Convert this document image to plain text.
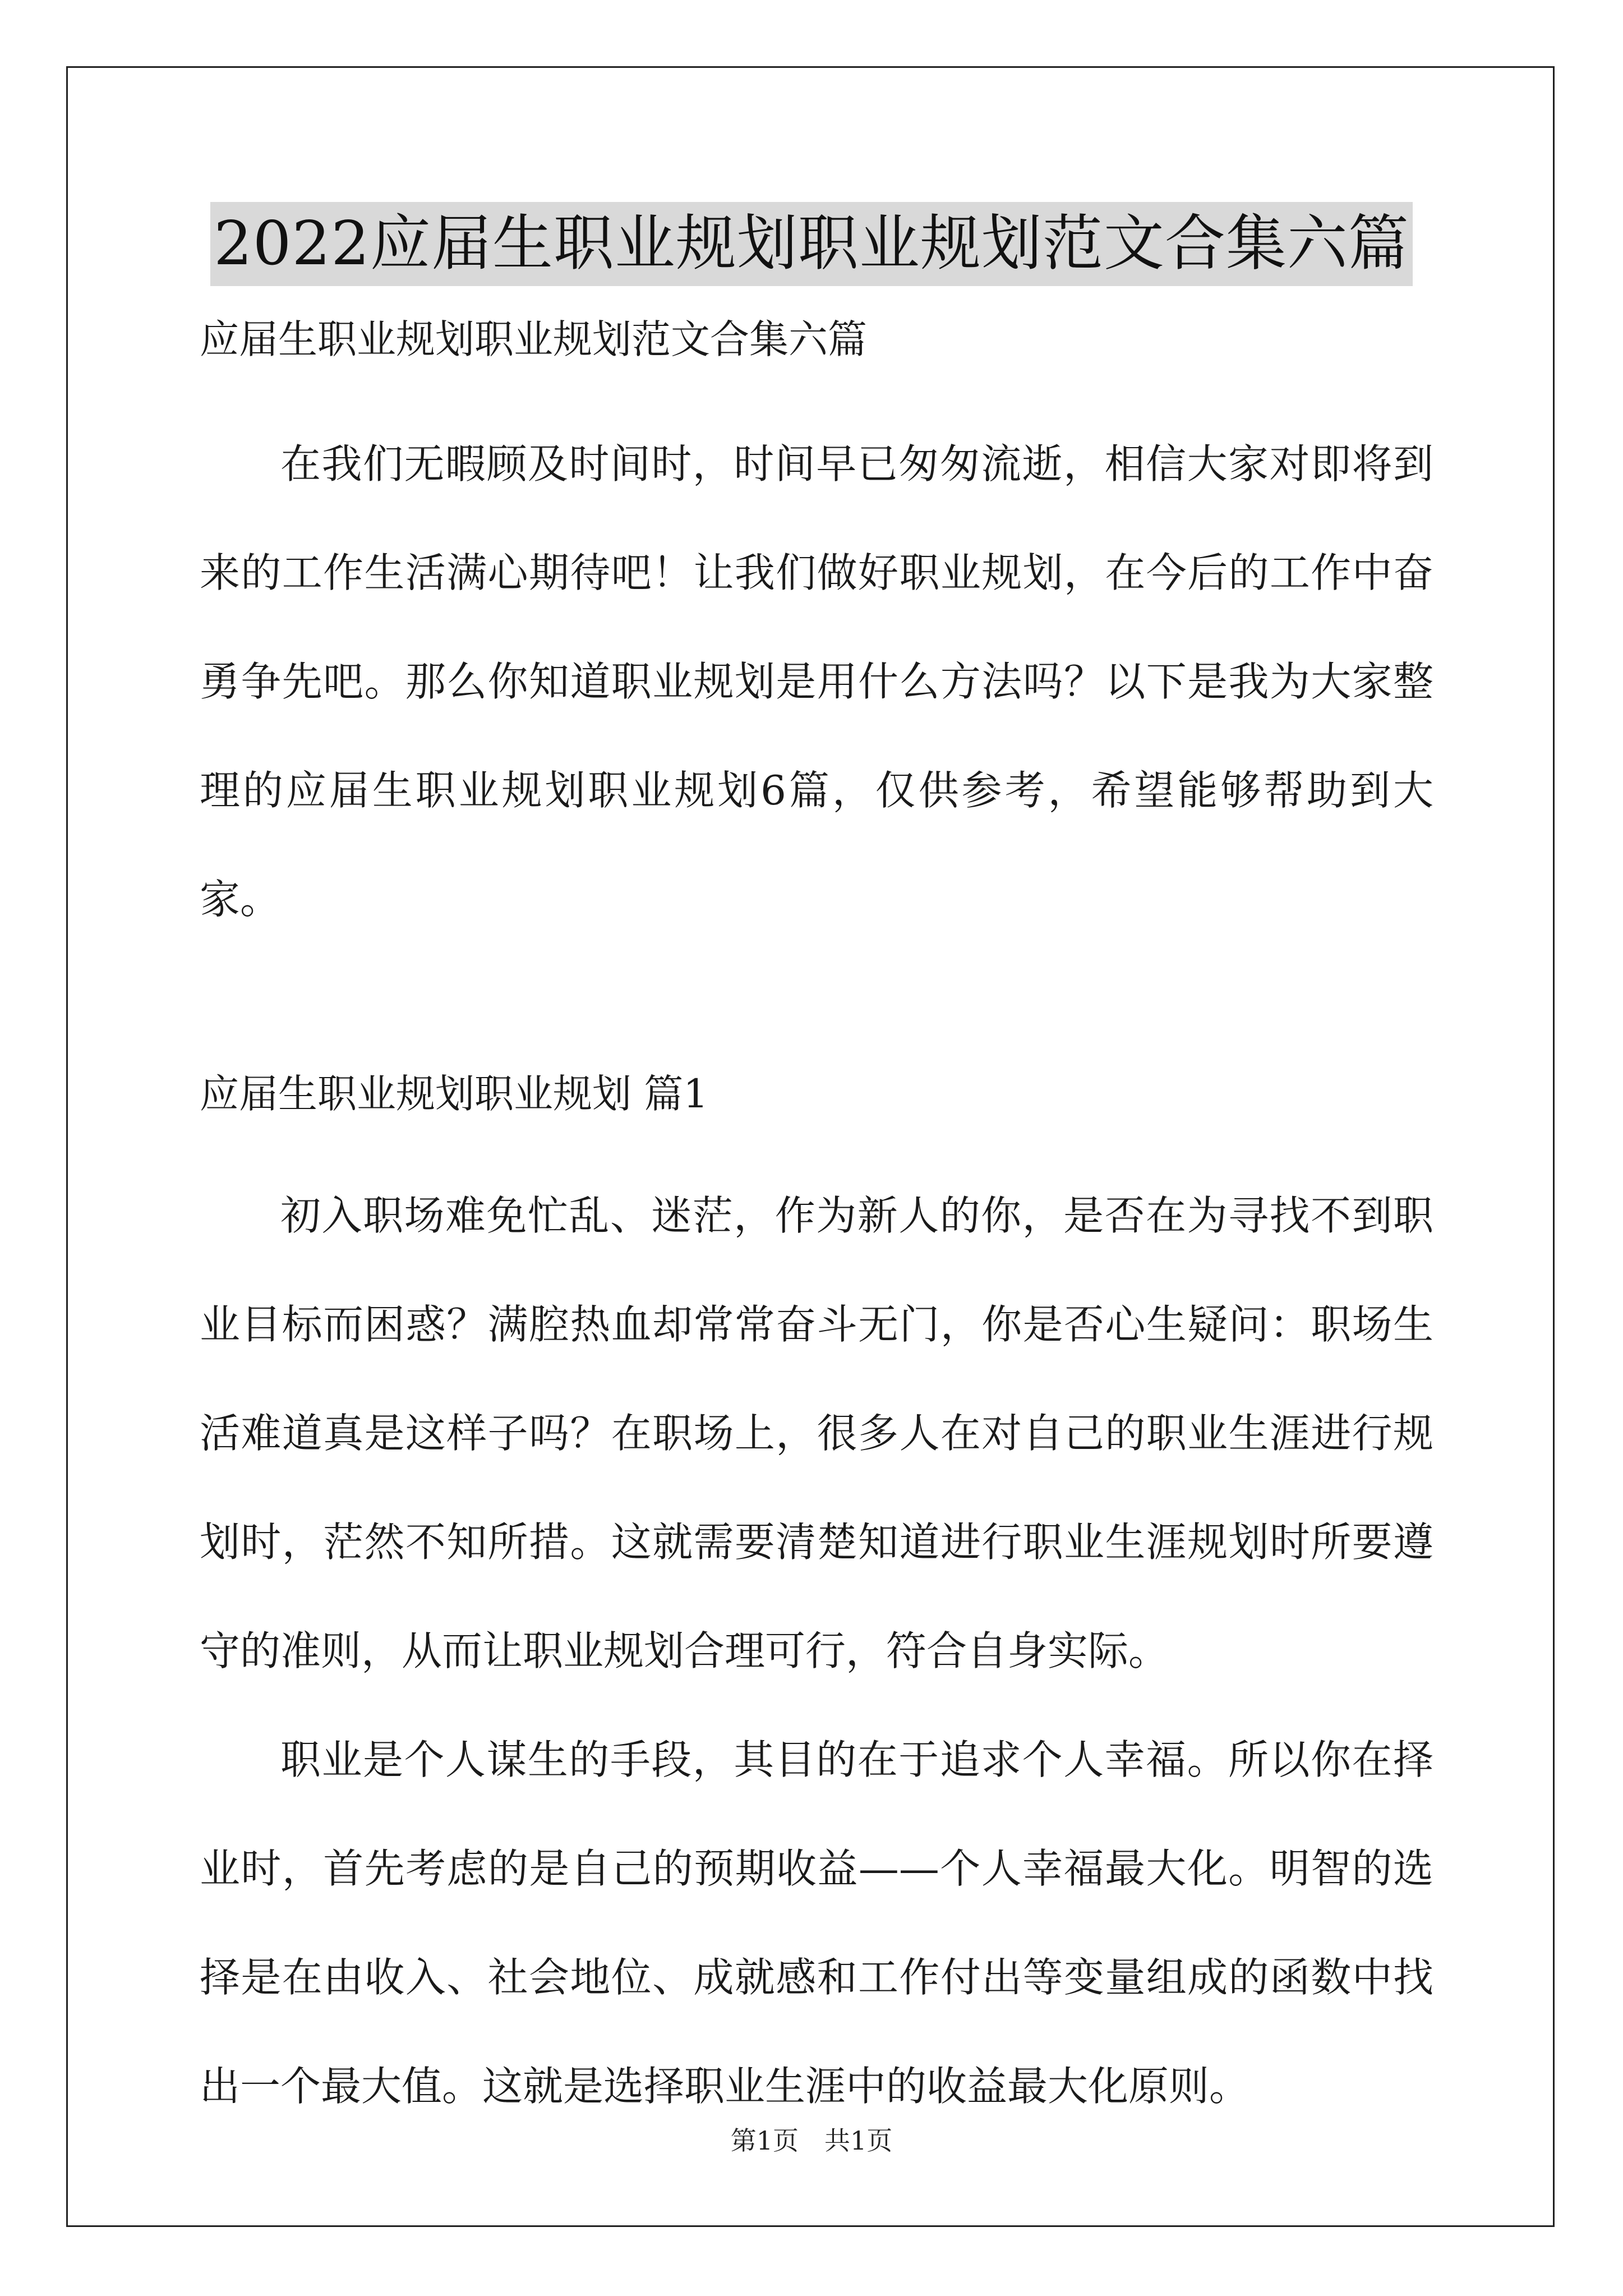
2022应届生职业规划职业规划范文合集六篇

应届生职业规划职业规划范文合集六篇

在我们无暇顾及时间时，时间早已匆匆流逝，相信大家对即将到来的工作生活满心期待吧！让我们做好职业规划，在今后的工作中奋勇争先吧。那么你知道职业规划是用什么方法吗？以下是我为大家整理的应届生职业规划职业规划6篇，仅供参考，希望能够帮助到大家。

应届生职业规划职业规划 篇1

初入职场难免忙乱、迷茫，作为新人的你，是否在为寻找不到职业目标而困惑？满腔热血却常常奋斗无门，你是否心生疑问：职场生活难道真是这样子吗？在职场上，很多人在对自己的职业生涯进行规划时，茫然不知所措。这就需要清楚知道进行职业生涯规划时所要遵守的准则，从而让职业规划合理可行，符合自身实际。

职业是个人谋生的手段，其目的在于追求个人幸福。所以你在择业时，首先考虑的是自己的预期收益——个人幸福最大化。明智的选择是在由收入、社会地位、成就感和工作付出等变量组成的函数中找出一个最大值。这就是选择职业生涯中的收益最大化原则。

第1页　共1页
